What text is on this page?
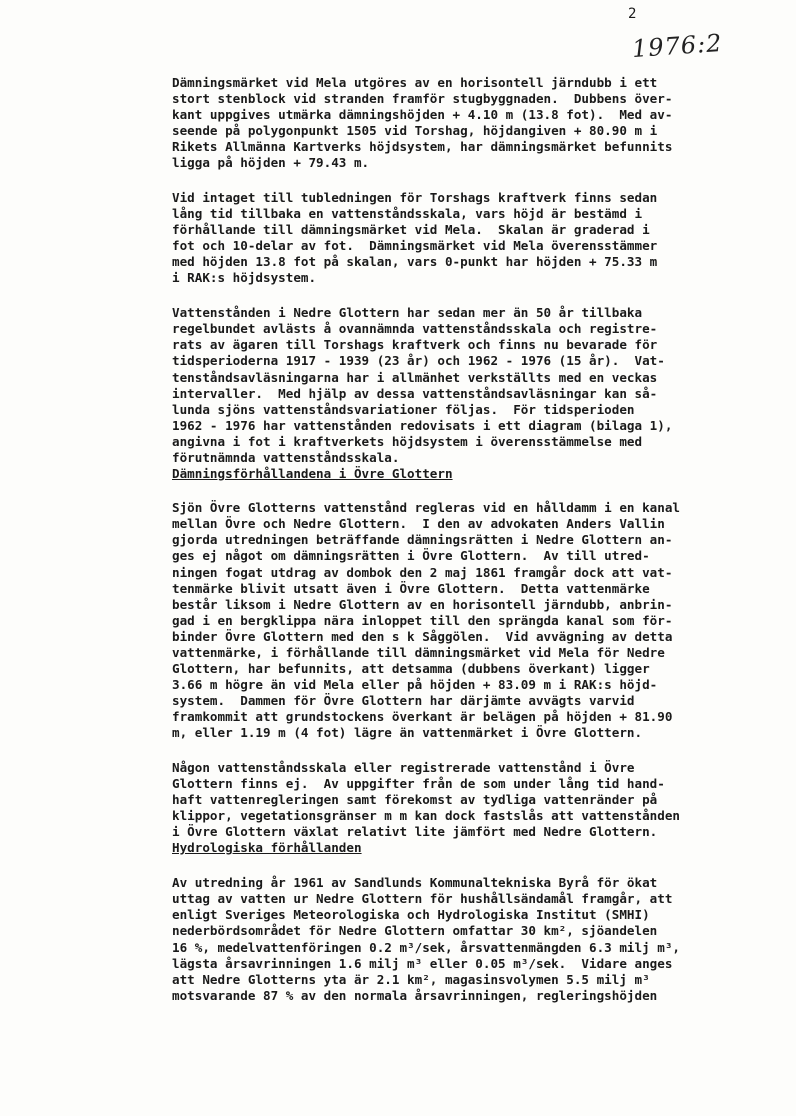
2
1976:2

Dämningsmärket vid Mela utgöres av en horisontell järndubb i ett
stort stenblock vid stranden framför stugbyggnaden.  Dubbens över-
kant uppgives utmärka dämningshöjden + 4.10 m (13.8 fot).  Med av-
seende på polygonpunkt 1505 vid Torshag, höjdangiven + 80.90 m i
Rikets Allmänna Kartverks höjdsystem, har dämningsmärket befunnits
ligga på höjden + 79.43 m.

Vid intaget till tubledningen för Torshags kraftverk finns sedan
lång tid tillbaka en vattenståndsskala, vars höjd är bestämd i
förhållande till dämningsmärket vid Mela.  Skalan är graderad i
fot och 10-delar av fot.  Dämningsmärket vid Mela överensstämmer
med höjden 13.8 fot på skalan, vars 0-punkt har höjden + 75.33 m
i RAK:s höjdsystem.

Vattenstånden i Nedre Glottern har sedan mer än 50 år tillbaka
regelbundet avlästs å ovannämnda vattenståndsskala och registre-
rats av ägaren till Torshags kraftverk och finns nu bevarade för
tidsperioderna 1917 - 1939 (23 år) och 1962 - 1976 (15 år).  Vat-
tenståndsavläsningarna har i allmänhet verkställts med en veckas
intervaller.  Med hjälp av dessa vattenståndsavläsningar kan så-
lunda sjöns vattenståndsvariationer följas.  För tidsperioden
1962 - 1976 har vattenstånden redovisats i ett diagram (bilaga 1),
angivna i fot i kraftverkets höjdsystem i överensstämmelse med
förutnämnda vattenståndsskala.

Dämningsförhållandena i Övre Glottern

Sjön Övre Glotterns vattenstånd regleras vid en hålldamm i en kanal
mellan Övre och Nedre Glottern.  I den av advokaten Anders Vallin
gjorda utredningen beträffande dämningsrätten i Nedre Glottern an-
ges ej något om dämningsrätten i Övre Glottern.  Av till utred-
ningen fogat utdrag av dombok den 2 maj 1861 framgår dock att vat-
tenmärke blivit utsatt även i Övre Glottern.  Detta vattenmärke
består liksom i Nedre Glottern av en horisontell järndubb, anbrin-
gad i en bergklippa nära inloppet till den sprängda kanal som för-
binder Övre Glottern med den s k Såggölen.  Vid avvägning av detta
vattenmärke, i förhållande till dämningsmärket vid Mela för Nedre
Glottern, har befunnits, att detsamma (dubbens överkant) ligger
3.66 m högre än vid Mela eller på höjden + 83.09 m i RAK:s höjd-
system.  Dammen för Övre Glottern har därjämte avvägts varvid
framkommit att grundstockens överkant är belägen på höjden + 81.90
m, eller 1.19 m (4 fot) lägre än vattenmärket i Övre Glottern.

Någon vattenståndsskala eller registrerade vattenstånd i Övre
Glottern finns ej.  Av uppgifter från de som under lång tid hand-
haft vattenregleringen samt förekomst av tydliga vattenränder på
klippor, vegetationsgränser m m kan dock fastslås att vattenstånden
i Övre Glottern växlat relativt lite jämfört med Nedre Glottern.

Hydrologiska förhållanden

Av utredning år 1961 av Sandlunds Kommunaltekniska Byrå för ökat
uttag av vatten ur Nedre Glottern för hushållsändamål framgår, att
enligt Sveriges Meteorologiska och Hydrologiska Institut (SMHI)
nederbördsområdet för Nedre Glottern omfattar 30 km², sjöandelen
16 %, medelvattenföringen 0.2 m³/sek, årsvattenmängden 6.3 milj m³,
lägsta årsavrinningen 1.6 milj m³ eller 0.05 m³/sek.  Vidare anges
att Nedre Glotterns yta är 2.1 km², magasinsvolymen 5.5 milj m³
motsvarande 87 % av den normala årsavrinningen, regleringshöjden
